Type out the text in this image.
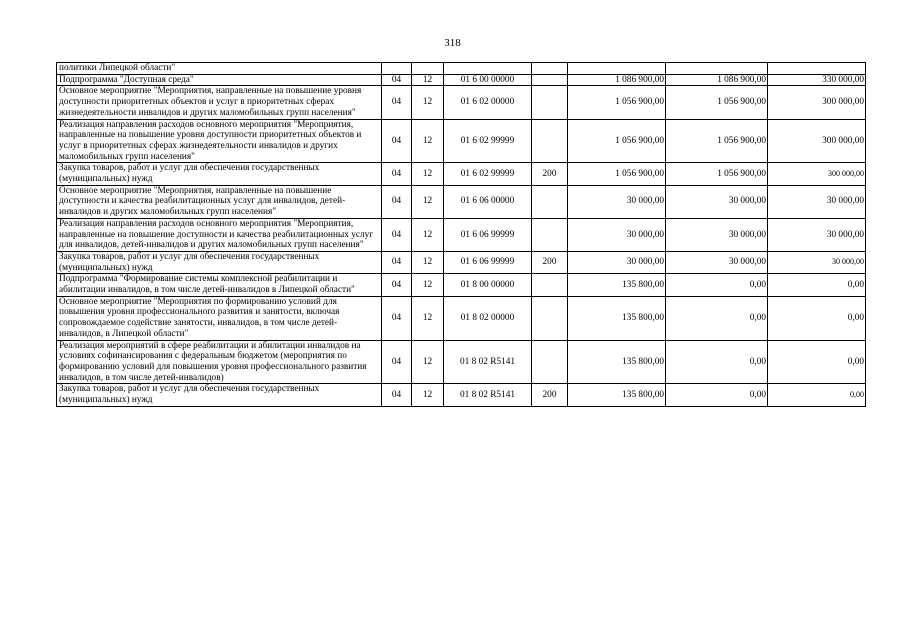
318
политики Липецкой области"							
Подпрограмма "Доступная среда"	04	12	01 6 00 00000		1 086 900,00	1 086 900,00	330 000,00
Основное мероприятие "Мероприятия, направленные на повышение уровня доступности приоритетных объектов и услуг в приоритетных сферах жизнедеятельности инвалидов и других маломобильных групп населения"	04	12	01 6 02 00000		1 056 900,00	1 056 900,00	300 000,00
Реализация направления расходов основного мероприятия "Мероприятия, направленные на повышение уровня доступности приоритетных объектов и услуг в приоритетных сферах жизнедеятельности инвалидов и других маломобильных групп населения"	04	12	01 6 02 99999		1 056 900,00	1 056 900,00	300 000,00
Закупка товаров, работ и услуг для обеспечения государственных (муниципальных) нужд	04	12	01 6 02 99999	200	1 056 900,00	1 056 900,00	300 000,00
Основное мероприятие "Мероприятия, направленные на повышение доступности и качества реабилитационных услуг для инвалидов, детей-инвалидов и других маломобильных групп населения"	04	12	01 6 06 00000		30 000,00	30 000,00	30 000,00
Реализация направления расходов основного мероприятия "Мероприятия, направленные на повышение доступности и качества реабилитационных услуг для инвалидов, детей-инвалидов и других маломобильных групп населения"	04	12	01 6 06 99999		30 000,00	30 000,00	30 000,00
Закупка товаров, работ и услуг для обеспечения государственных (муниципальных) нужд	04	12	01 6 06 99999	200	30 000,00	30 000,00	30 000,00
Подпрограмма "Формирование системы комплексной реабилитации и абилитации инвалидов, в том числе детей-инвалидов в Липецкой области"	04	12	01 8 00 00000		135 800,00	0,00	0,00
Основное мероприятие "Мероприятия по формированию условий для повышения уровня профессионального развития и занятости, включая сопровождаемое содействие занятости, инвалидов, в том числе детей-инвалидов, в Липецкой области"	04	12	01 8 02 00000		135 800,00	0,00	0,00
Реализация мероприятий в сфере реабилитации и абилитации инвалидов на условиях софинансирования с федеральным бюджетом (мероприятия по формированию условий для повышения уровня профессионального развития инвалидов, в том числе детей-инвалидов)	04	12	01 8 02 R5141		135 800,00	0,00	0,00
Закупка товаров, работ и услуг для обеспечения государственных (муниципальных) нужд	04	12	01 8 02 R5141	200	135 800,00	0,00	0,00
